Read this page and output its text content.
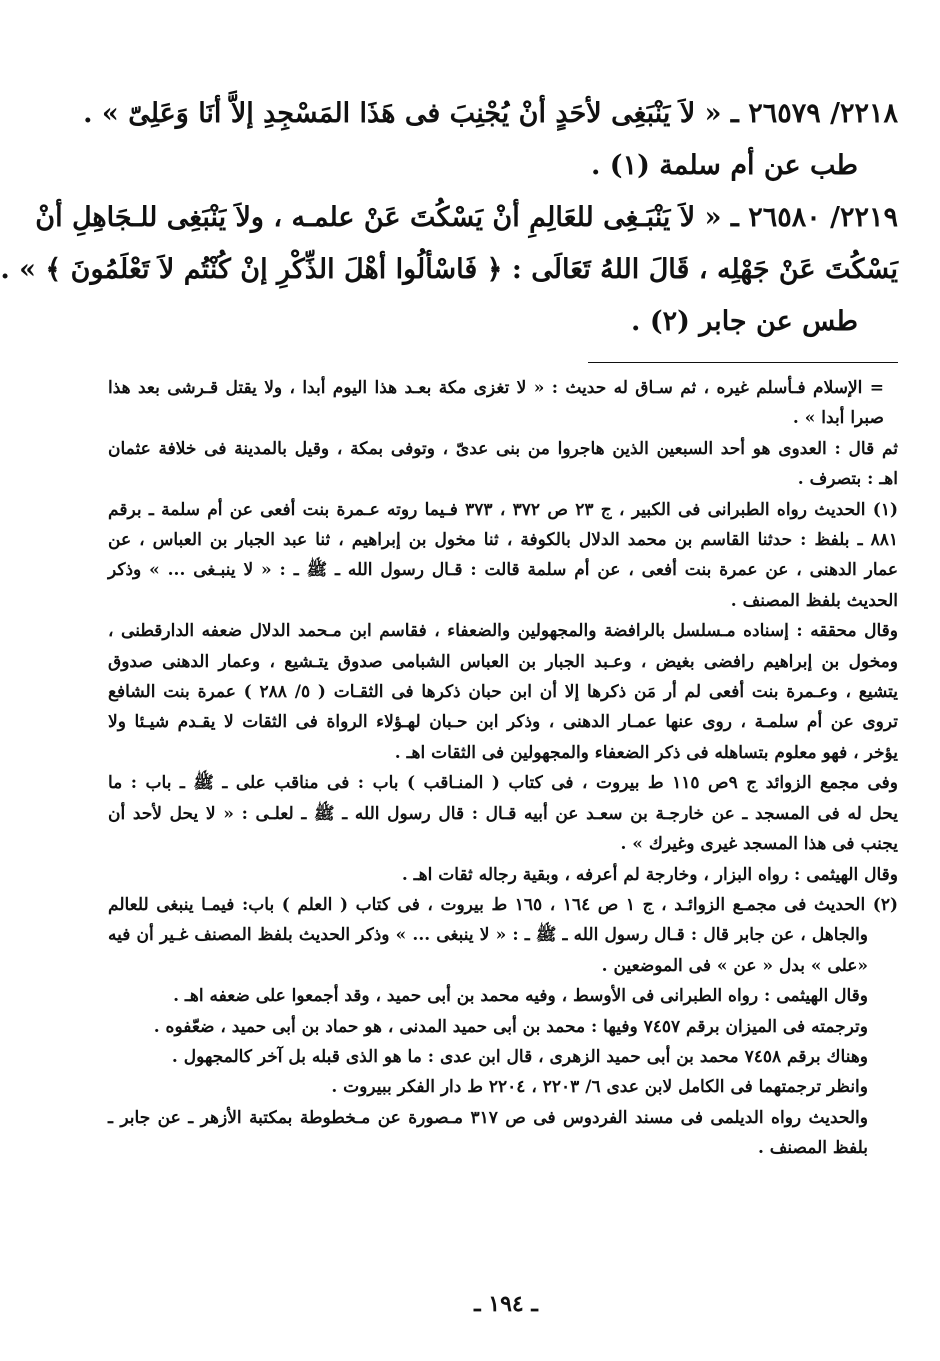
٢٢١٨/ ٢٦٥٧٩ ـ « لاَ يَنْبَغِى لأحَدٍ أنْ يُجْنِبَ فى هَذَا المَسْجِدِ إلاَّ أنَا وَعَلِىّ » .
طب عن أم سلمة (١) .
٢٢١٩/ ٢٦٥٨٠ ـ « لاَ يَنْبَـغِى للعَالِمِ أنْ يَسْكُتَ عَنْ علمـه ، ولاَ يَنْبَغِى للـجَاهِلِ أنْ
يَسْكُتَ عَنْ جَهْلِه ، قَالَ اللهُ تَعَالَى : ﴿ فَاسْألُوا أهْلَ الذِّكْرِ إنْ كُنْتُم لاَ تَعْلَمُونَ ﴾ » .
طس عن جابر (٢) .
= الإسلام فـأسلم غيره ، ثم سـاق له حديث : « لا تغزى مكة بعـد هذا اليوم أبدا ، ولا يقتل قـرشى بعد هذا
صبرا أبدا » .
ثم قال : العدوى هو أحد السبعين الذين هاجروا من بنى عدىّ ، وتوفى بمكة ، وقيل بالمدينة فى خلافة عثمان
اهـ : بتصرف .
(١) الحديث رواه الطبرانى فى الكبير ، ج ٢٣ ص ٣٧٢ ، ٣٧٣ فـيما روته عـمرة بنت أفعى عن أم سلمة ـ برقم
٨٨١ ـ بلفظ : حدثنا القاسم بن محمد الدلال بالكوفة ، ثنا مخول بن إبراهيم ، ثنا عبد الجبار بن العباس ، عن
عمار الدهنى ، عن عمرة بنت أفعى ، عن أم سلمة قالت : قـال رسول الله ـ ﷺ ـ : « لا ينبـغى ... » وذكر
الحديث بلفظ المصنف .
وقال محققه : إسناده مـسلسل بالرافضة والمجهولين والضعفاء ، فقاسم ابن مـحمد الدلال ضعفه الدارقطنى ،
ومخول بن إبراهيم رافضى بغيض ، وعـبد الجبار بن العباس الشبامى صدوق يتـشيع ، وعمار الدهنى صدوق
يتشيع ، وعـمرة بنت أفعى لم أر مَن ذكرها إلا أن ابن حبان ذكرها فى الثقـات ( ٥/ ٢٨٨ ) عمرة بنت الشافع
تروى عن أم سلمـة ، روى عنها عمـار الدهنى ، وذكر ابن حـبان لهـؤلاء الرواة فى الثقات لا يقـدم شيـئا ولا
يؤخر ، فهو معلوم بتساهله فى ذكر الضعفاء والمجهولين فى الثقات اهـ .
وفى مجمع الزوائد ج ٩ص ١١٥ ط بيروت ، فى كتاب ( المنـاقب ) باب : فى مناقب على ـ ﷺ ـ باب : ما
يحل له فى المسجد ـ عن خارجـة بن سعـد عن أبيه قـال : قال رسول الله ـ ﷺ ـ لعلـى : « لا يحل لأحد أن
يجنب فى هذا المسجد غيرى وغيرك » .
وقال الهيثمى : رواه البزار ، وخارجة لم أعرفه ، وبقية رجاله ثقات اهـ .
(٢) الحديث فى مجمـع الزوائـد ، ج ١ ص ١٦٤ ، ١٦٥ ط بيروت ، فى كتاب ( العلم ) باب: فيمـا ينبغى للعالم
والجاهل ، عن جابر قال : قـال رسول الله ـ ﷺ ـ : « لا ينبغى ... » وذكر الحديث بلفظ المصنف غـير أن فيه
«على » بدل « عن » فى الموضعين .
وقال الهيثمى : رواه الطبرانى فى الأوسط ، وفيه محمد بن أبى حميد ، وقد أجمعوا على ضعفه اهـ .
وترجمته فى الميزان برقم ٧٤٥٧ وفيها : محمد بن أبى حميد المدنى ، هو حماد بن أبى حميد ، ضعّفوه .
وهناك برقم ٧٤٥٨ محمد بن أبى حميد الزهرى ، قال ابن عدى : ما هو الذى قبله بل آخر كالمجهول .
وانظر ترجمتهما فى الكامل لابن عدى ٦/ ٢٢٠٣ ، ٢٢٠٤ ط دار الفكر ببيروت .
والحديث رواه الديلمى فى مسند الفردوس فى ص ٣١٧ مـصورة عن مـخطوطة بمكتبة الأزهر ـ عن جابر ـ
بلفظ المصنف .
ـ ١٩٤ ـ
